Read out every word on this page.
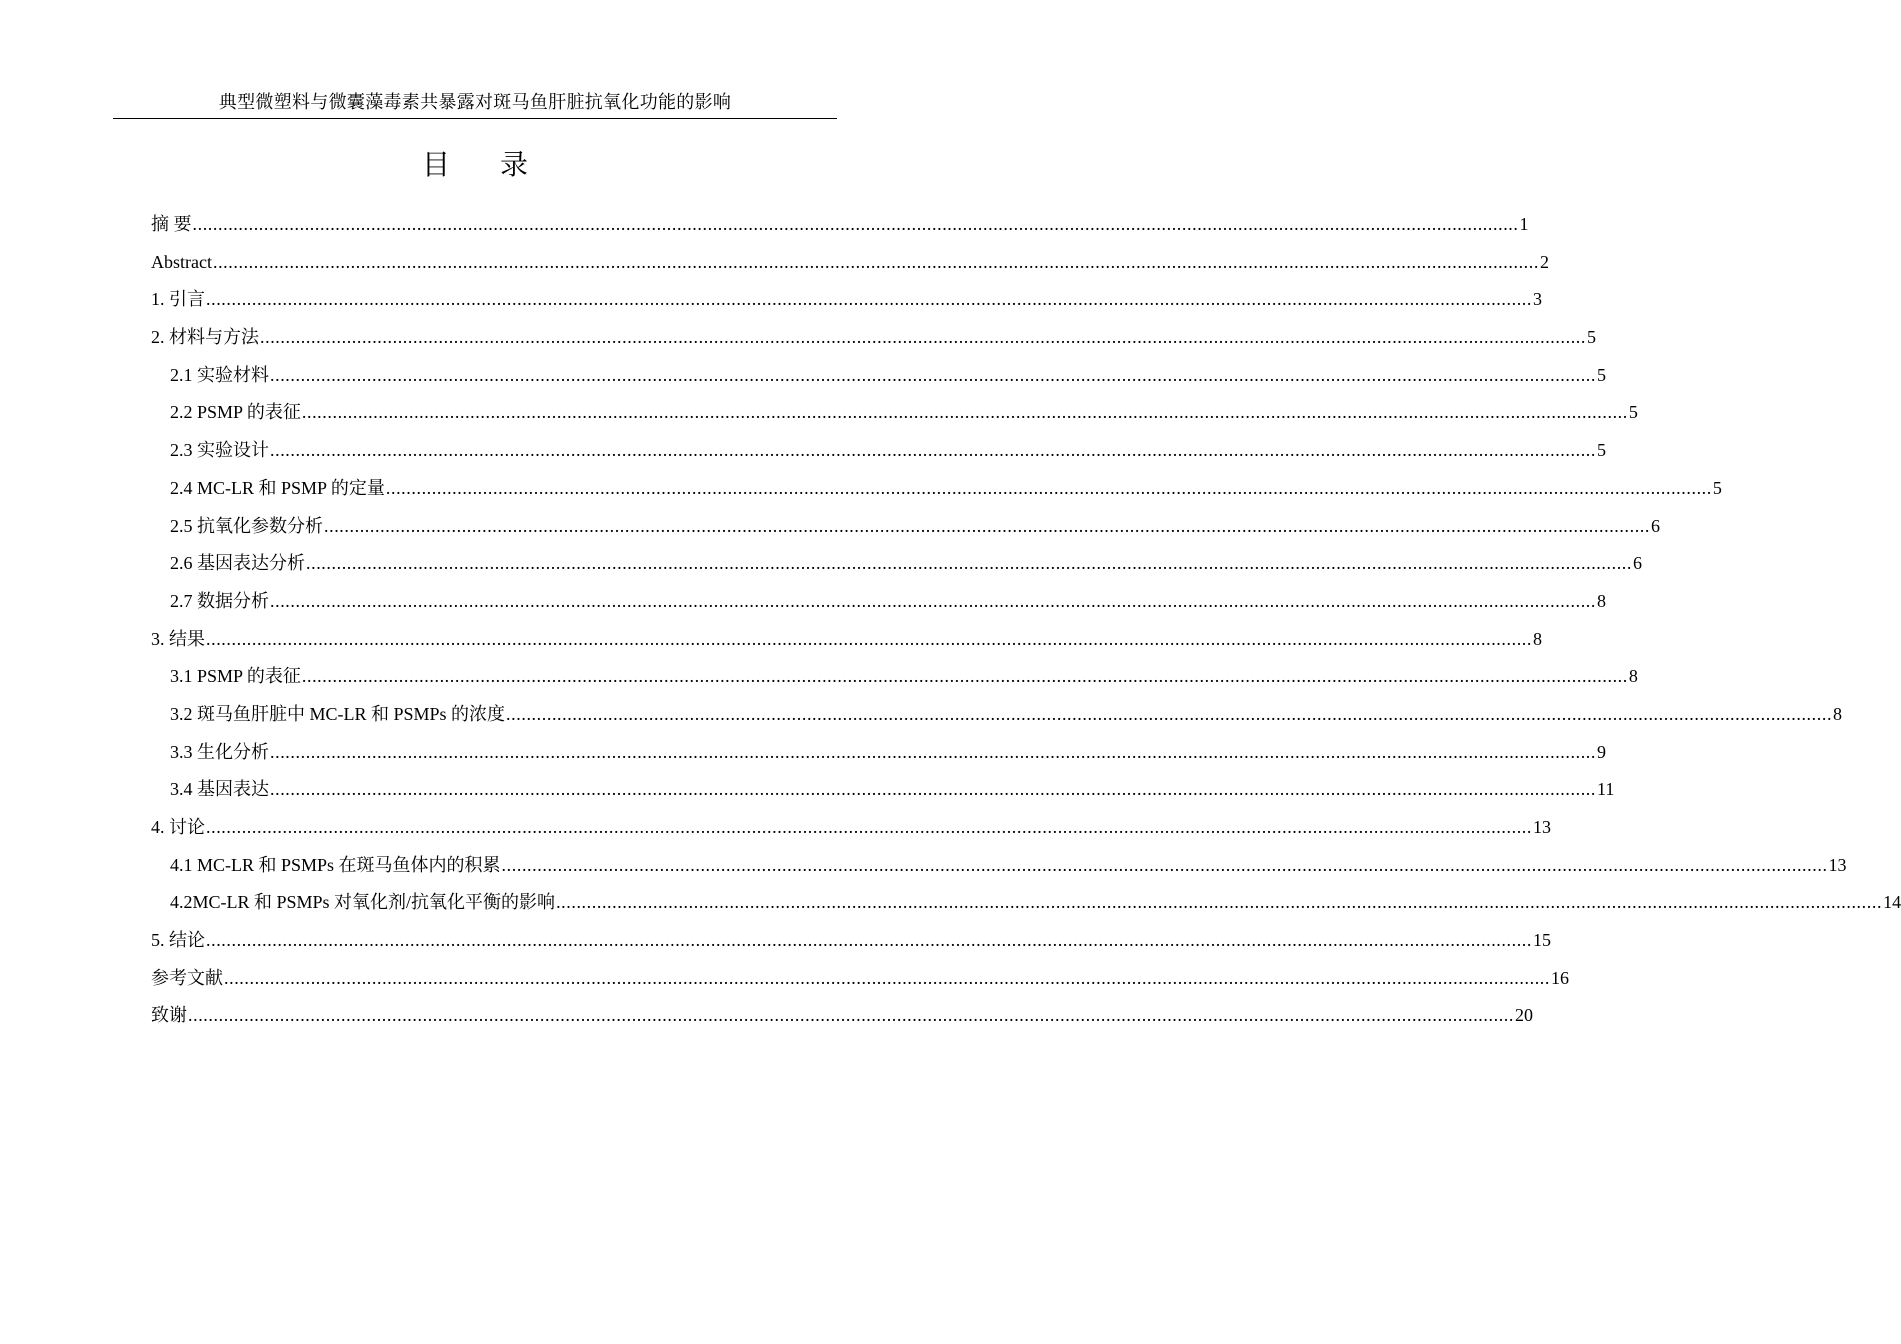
典型微塑料与微囊藻毒素共暴露对斑马鱼肝脏抗氧化功能的影响
目 录
摘 要 .................................................................................................................................................................................................................................................................... 1
Abstract .................................................................................................................................................................................................................................................................... 2
1. 引言 .................................................................................................................................................................................................................................................................... 3
2. 材料与方法 .................................................................................................................................................................................................................................................................... 5
2.1 实验材料 .................................................................................................................................................................................................................................................................... 5
2.2 PSMP 的表征 .................................................................................................................................................................................................................................................................... 5
2.3 实验设计 .................................................................................................................................................................................................................................................................... 5
2.4 MC-LR 和 PSMP 的定量 .................................................................................................................................................................................................................................................................... 5
2.5 抗氧化参数分析 .................................................................................................................................................................................................................................................................... 6
2.6 基因表达分析 .................................................................................................................................................................................................................................................................... 6
2.7 数据分析 .................................................................................................................................................................................................................................................................... 8
3. 结果 .................................................................................................................................................................................................................................................................... 8
3.1 PSMP 的表征 .................................................................................................................................................................................................................................................................... 8
3.2 斑马鱼肝脏中 MC-LR 和 PSMPs 的浓度 .................................................................................................................................................................................................................................................................... 8
3.3 生化分析 .................................................................................................................................................................................................................................................................... 9
3.4 基因表达 .................................................................................................................................................................................................................................................................... 11
4. 讨论 .................................................................................................................................................................................................................................................................... 13
4.1 MC-LR 和 PSMPs 在斑马鱼体内的积累 .................................................................................................................................................................................................................................................................... 13
4.2MC-LR 和 PSMPs 对氧化剂/抗氧化平衡的影响 .................................................................................................................................................................................................................................................................... 14
5. 结论 .................................................................................................................................................................................................................................................................... 15
参考文献 .................................................................................................................................................................................................................................................................... 16
致谢 .................................................................................................................................................................................................................................................................... 20
